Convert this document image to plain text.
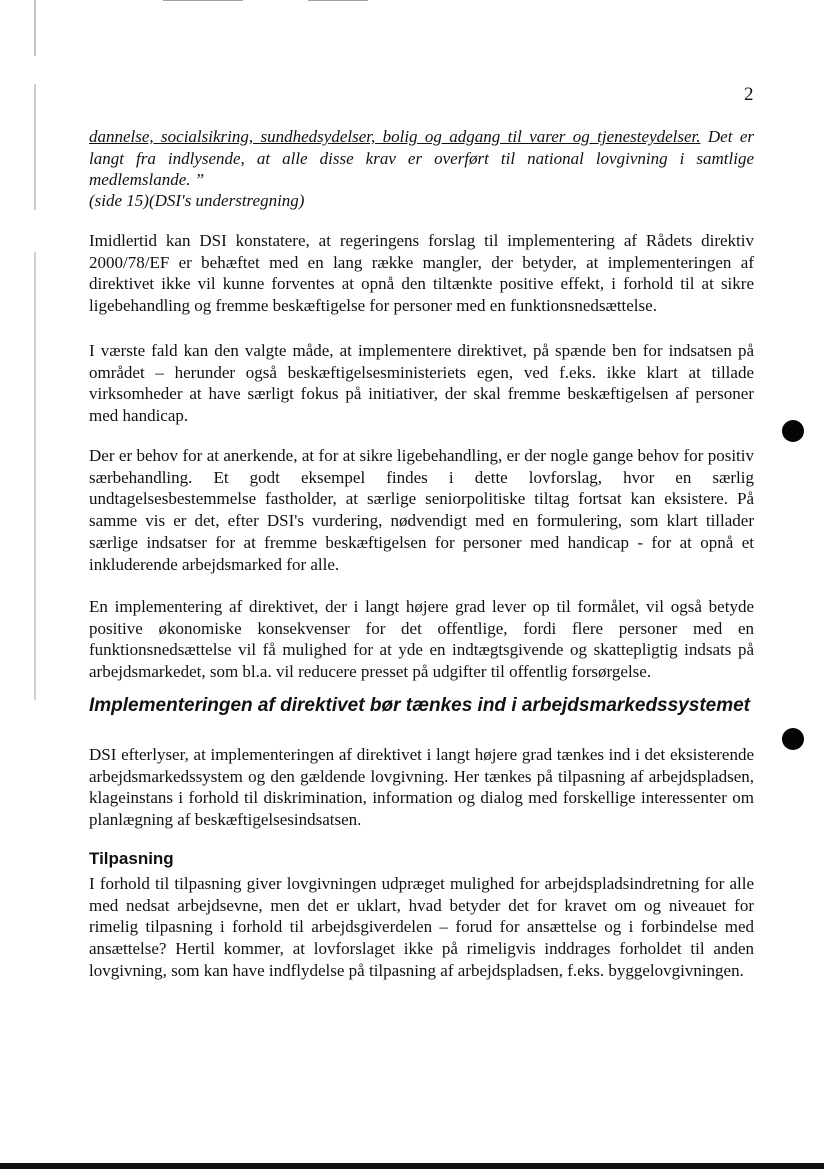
2
dannelse, socialsikring, sundhedsydelser, bolig og adgang til varer og tjenesteydelser. Det er langt fra indlysende, at alle disse krav er overført til national lovgivning i samtlige medlemslande. ”
(side 15)(DSI's understregning)

Imidlertid kan DSI konstatere, at regeringens forslag til implementering af Rådets direktiv 2000/78/EF er behæftet med en lang række mangler, der betyder, at implementeringen af direktivet ikke vil kunne forventes at opnå den tiltænkte positive effekt, i forhold til at sikre ligebehandling og fremme beskæftigelse for personer med en funktionsnedsættelse.

I værste fald kan den valgte måde, at implementere direktivet, på spænde ben for indsatsen på området – herunder også beskæftigelsesministeriets egen, ved f.eks. ikke klart at tillade virksomheder at have særligt fokus på initiativer, der skal fremme beskæftigelsen af personer med handicap.

Der er behov for at anerkende, at for at sikre ligebehandling, er der nogle gange behov for positiv særbehandling. Et godt eksempel findes i dette lovforslag, hvor en særlig undtagelsesbestemmelse fastholder, at særlige seniorpolitiske tiltag fortsat kan eksistere. På samme vis er det, efter DSI's vurdering, nødvendigt med en formulering, som klart tillader særlige indsatser for at fremme beskæftigelsen for personer med handicap - for at opnå et inkluderende arbejdsmarked for alle.

En implementering af direktivet, der i langt højere grad lever op til formålet, vil også betyde positive økonomiske konsekvenser for det offentlige, fordi flere personer med en funktionsnedsættelse vil få mulighed for at yde en indtægtsgivende og skattepligtig indsats på arbejdsmarkedet, som bl.a. vil reducere presset på udgifter til offentlig forsørgelse.

Implementeringen af direktivet bør tænkes ind i arbejdsmarkedssystemet

DSI efterlyser, at implementeringen af direktivet i langt højere grad tænkes ind i det eksisterende arbejdsmarkedssystem og den gældende lovgivning. Her tænkes på tilpasning af arbejdspladsen, klageinstans i forhold til diskrimination, information og dialog med forskellige interessenter om planlægning af beskæftigelsesindsatsen.

Tilpasning

I forhold til tilpasning giver lovgivningen udpræget mulighed for arbejdspladsindretning for alle med nedsat arbejdsevne, men det er uklart, hvad betyder det for kravet om og niveauet for rimelig tilpasning i forhold til arbejdsgiverdelen – forud for ansættelse og i forbindelse med ansættelse? Hertil kommer, at lovforslaget ikke på rimeligvis inddrages forholdet til anden lovgivning, som kan have indflydelse på tilpasning af arbejdspladsen, f.eks. byggelovgivningen.
